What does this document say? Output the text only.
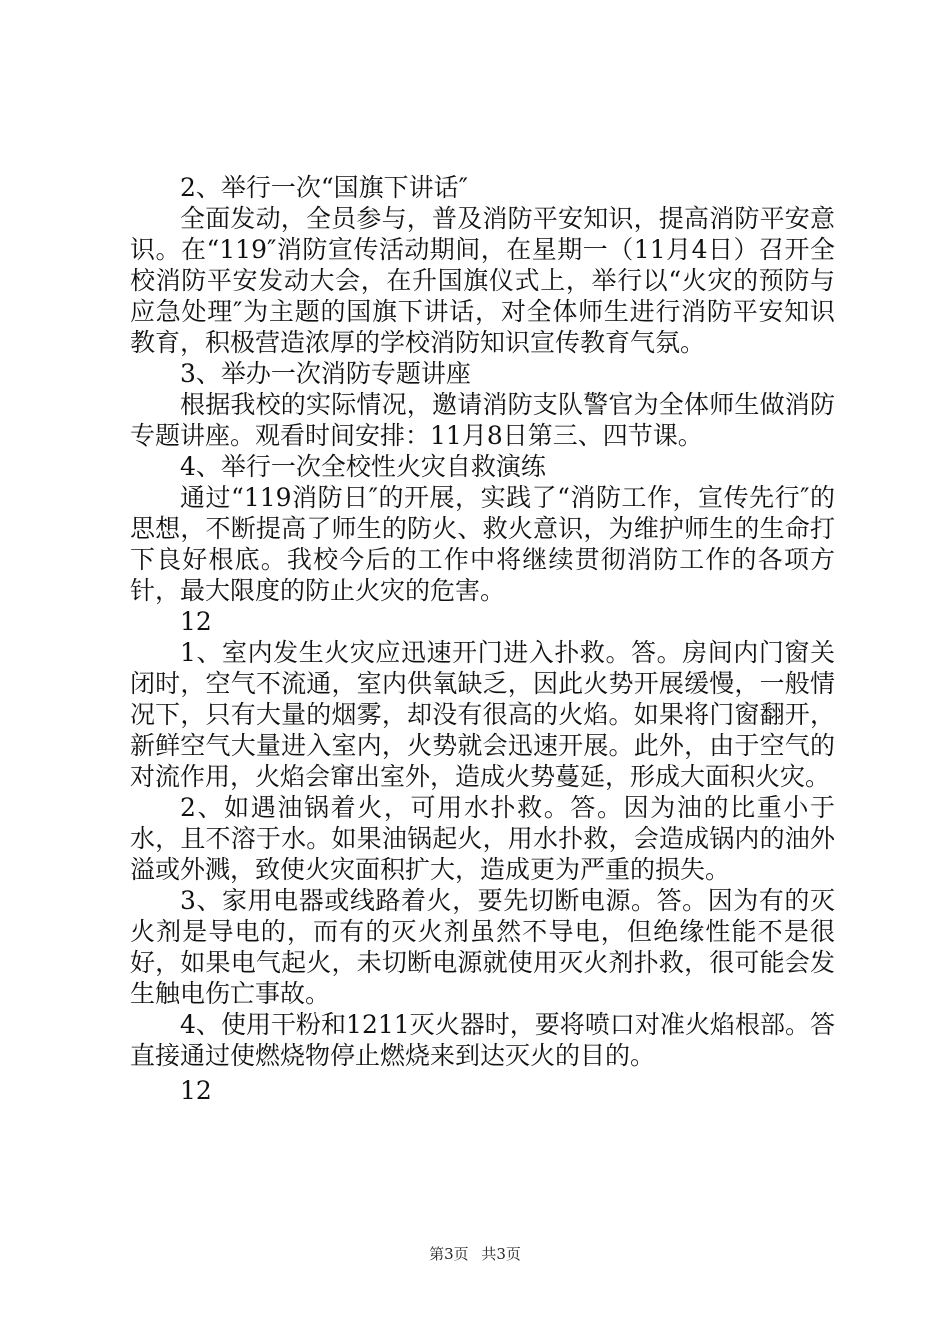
2、举行一次“国旗下讲话″

全面发动，全员参与，普及消防平安知识，提高消防平安意识。在“119″消防宣传活动期间，在星期一（11月4日）召开全校消防平安发动大会，在升国旗仪式上，举行以“火灾的预防与应急处理″为主题的国旗下讲话，对全体师生进行消防平安知识教育，积极营造浓厚的学校消防知识宣传教育气氛。

3、举办一次消防专题讲座

根据我校的实际情况，邀请消防支队警官为全体师生做消防专题讲座。观看时间安排：11月8日第三、四节课。

4、举行一次全校性火灾自救演练

通过“119消防日″的开展，实践了“消防工作，宣传先行″的思想，不断提高了师生的防火、救火意识，为维护师生的生命打下良好根底。我校今后的工作中将继续贯彻消防工作的各项方针，最大限度的防止火灾的危害。

12

1、室内发生火灾应迅速开门进入扑救。答。房间内门窗关闭时，空气不流通，室内供氧缺乏，因此火势开展缓慢，一般情况下，只有大量的烟雾，却没有很高的火焰。如果将门窗翻开，新鲜空气大量进入室内，火势就会迅速开展。此外，由于空气的对流作用，火焰会窜出室外，造成火势蔓延，形成大面积火灾。

2、如遇油锅着火，可用水扑救。答。因为油的比重小于水，且不溶于水。如果油锅起火，用水扑救，会造成锅内的油外溢或外溅，致使火灾面积扩大，造成更为严重的损失。

3、家用电器或线路着火，要先切断电源。答。因为有的灭火剂是导电的，而有的灭火剂虽然不导电，但绝缘性能不是很好，如果电气起火，未切断电源就使用灭火剂扑救，很可能会发生触电伤亡事故。

4、使用干粉和1211灭火器时，要将喷口对准火焰根部。答直接通过使燃烧物停止燃烧来到达灭火的目的。

12

第3页 共3页
